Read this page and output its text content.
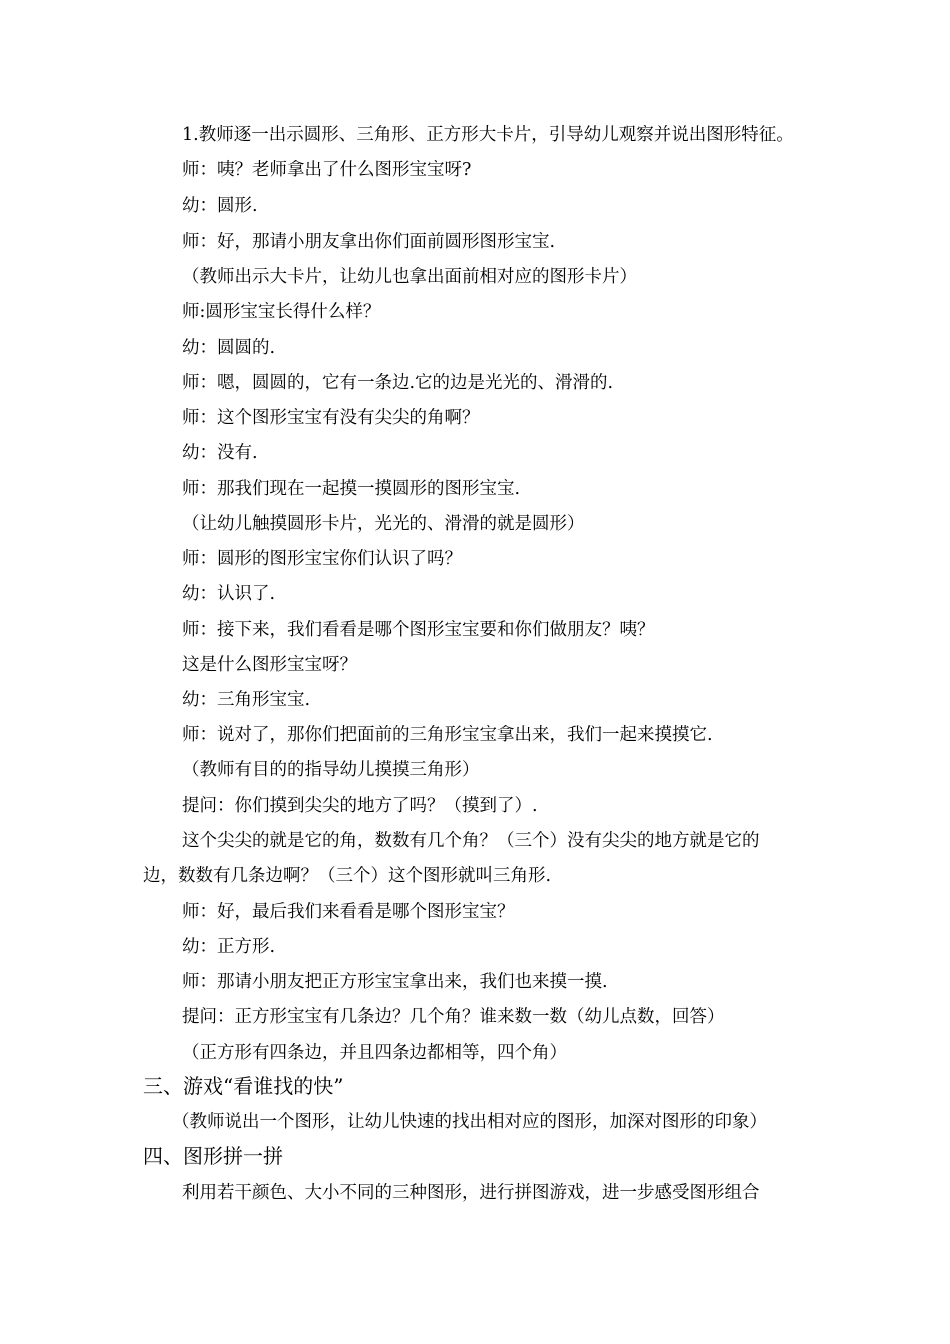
1.教师逐一出示圆形、三角形、正方形大卡片，引导幼儿观察并说出图形特征。
师：咦？老师拿出了什么图形宝宝呀?
幼：圆形.
师：好，那请小朋友拿出你们面前圆形图形宝宝.
（教师出示大卡片，让幼儿也拿出面前相对应的图形卡片）
师:圆形宝宝长得什么样？
幼：圆圆的.
师：嗯，圆圆的，它有一条边.它的边是光光的、滑滑的.
师：这个图形宝宝有没有尖尖的角啊？
幼：没有.
师：那我们现在一起摸一摸圆形的图形宝宝.
（让幼儿触摸圆形卡片，光光的、滑滑的就是圆形）
师：圆形的图形宝宝你们认识了吗？
幼：认识了.
师：接下来，我们看看是哪个图形宝宝要和你们做朋友？咦？
这是什么图形宝宝呀？
幼：三角形宝宝.
师：说对了，那你们把面前的三角形宝宝拿出来，我们一起来摸摸它.
（教师有目的的指导幼儿摸摸三角形）
提问：你们摸到尖尖的地方了吗？（摸到了）.
这个尖尖的就是它的角，数数有几个角？（三个）没有尖尖的地方就是它的
边，数数有几条边啊？（三个）这个图形就叫三角形.
师：好，最后我们来看看是哪个图形宝宝？
幼：正方形.
师：那请小朋友把正方形宝宝拿出来，我们也来摸一摸.
提问：正方形宝宝有几条边？几个角？谁来数一数（幼儿点数，回答）
（正方形有四条边，并且四条边都相等，四个角）
三、游戏“看谁找的快”
（教师说出一个图形，让幼儿快速的找出相对应的图形，加深对图形的印象）
四、图形拼一拼
利用若干颜色、大小不同的三种图形，进行拼图游戏，进一步感受图形组合
